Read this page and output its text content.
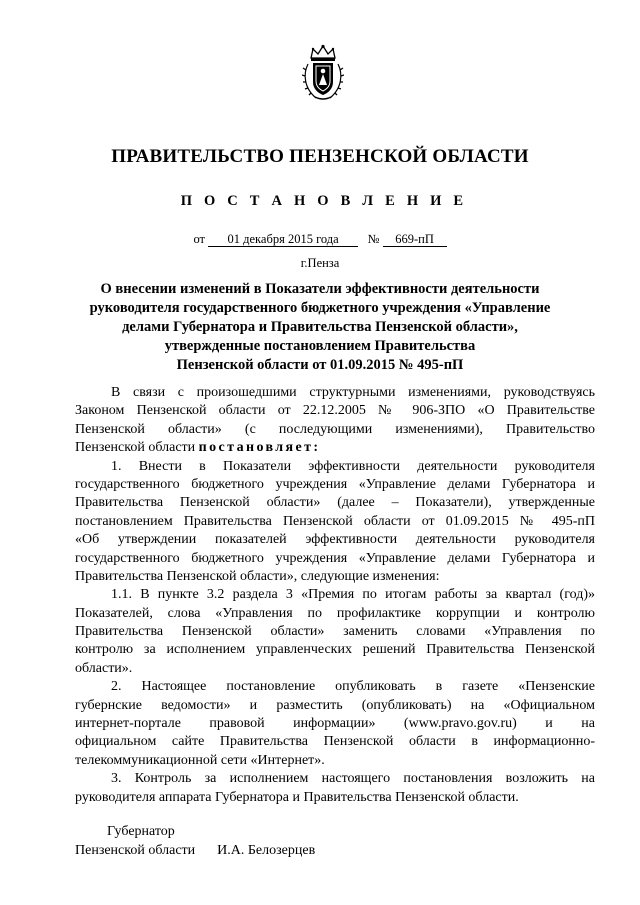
ПРАВИТЕЛЬСТВО ПЕНЗЕНСКОЙ ОБЛАСТИ
П О С Т А Н О В Л Е Н И Е
от 01 декабря 2015 года № 669-пП
г.Пенза
О внесении изменений в Показатели эффективности деятельности
руководителя государственного бюджетного учреждения «Управление
делами Губернатора и Правительства Пензенской области»,
утвержденные постановлением Правительства
Пензенской области от 01.09.2015 № 495-пП
В связи с произошедшими структурными изменениями, руководствуясь
Законом Пензенской области от 22.12.2005 № 906-ЗПО «О Правительстве
Пензенской области» (с последующими изменениями), Правительство
Пензенской области постановляет:
1. Внести в Показатели эффективности деятельности руководителя
государственного бюджетного учреждения «Управление делами Губернатора и
Правительства Пензенской области» (далее – Показатели), утвержденные
постановлением Правительства Пензенской области от 01.09.2015 № 495-пП
«Об утверждении показателей эффективности деятельности руководителя
государственного бюджетного учреждения «Управление делами Губернатора и
Правительства Пензенской области», следующие изменения:
1.1. В пункте 3.2 раздела 3 «Премия по итогам работы за квартал (год)»
Показателей, слова «Управления по профилактике коррупции и контролю
Правительства Пензенской области» заменить словами «Управления по
контролю за исполнением управленческих решений Правительства Пензенской
области».
2. Настоящее постановление опубликовать в газете «Пензенские
губернские ведомости» и разместить (опубликовать) на «Официальном
интернет-портале правовой информации» (www.pravo.gov.ru) и на
официальном сайте Правительства Пензенской области в информационно-
телекоммуникационной сети «Интернет».
3. Контроль за исполнением настоящего постановления возложить на
руководителя аппарата Губернатора и Правительства Пензенской области.
Губернатор
Пензенской области И.А. Белозерцев
